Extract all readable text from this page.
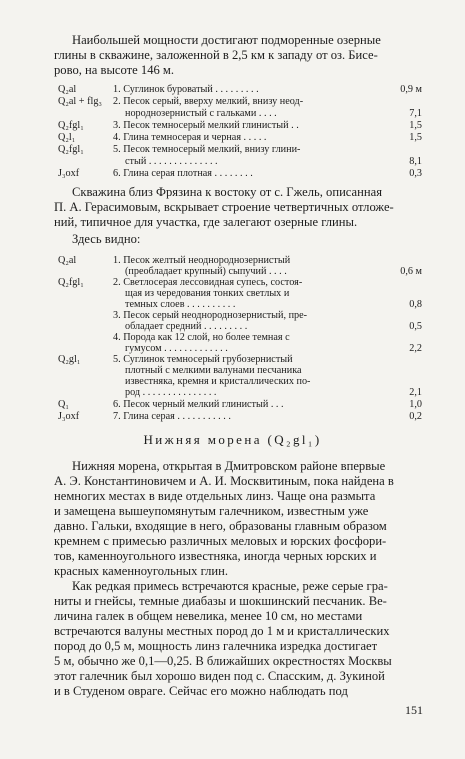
Наибольшей мощности достигают подморенные озерные
глины в скважине, заложенной в 2,5 км к западу от оз. Бисе-
рово, на высоте 146 м.

Q₂al	1. Суглинок буроватый . . . . . . . . .	0,9 м
Q₂al + flg₃ 2. Песок серый, вверху мелкий, внизу неод-
нороднозернистый с гальками . . . .	7,1
Q₂fgl₁	3. Песок темносерый мелкий глинистый . .	1,5
Q₂l₁	4. Глина темносерая и черная . . . . .	1,5
Q₂fgl₁	5. Песок темносерый мелкий, внизу глини-
стый . . . . . . . . . . . . . .	8,1
J₃oxf	6. Глина серая плотная . . . . . . . .	0,3

Скважина близ Фрязина к востоку от с. Гжель, описанная
П. А. Герасимовым, вскрывает строение четвертичных отложе-
ний, типичное для участка, где залегают озерные глины.

Здесь видно:
Q₂al	1. Песок желтый неоднороднозернистый
(преобладает крупный) сыпучий . . . .	0,6 м
Q₂fgl₁	2. Светлосерая лессовидная супесь, состоя-
щая из чередования тонких светлых и
темных слоев . . . . . . . . . .	0,8
3. Песок серый неоднороднозернистый, пре-
обладает средний . . . . . . . . .	0,5
4. Порода как 12 слой, но более темная с
гумусом . . . . . . . . . . . . .	2,2
Q₂gl₁	5. Суглинок темносерый грубозернистый
плотный с мелкими валунами песчаника
известняка, кремня и кристаллических по-
род . . . . . . . . . . . . . . .	2,1
Q₁	6. Песок черный мелкий глинистый . . .	1,0
J₃oxf	7. Глина серая . . . . . . . . . . .	0,2
Нижняя морена (Q₂gl₁)

Нижняя морена, открытая в Дмитровском районе впервые
А. Э. Константиновичем и А. И. Москвитиным, пока найдена в
немногих местах в виде отдельных линз. Чаще она размыта
и замещена вышеупомянутым галечником, известным уже
давно. Гальки, входящие в него, образованы главным образом
кремнем с примесью различных меловых и юрских фосфори-
тов, каменноугольного известняка, иногда черных юрских и
красных каменноугольных глин.

Как редкая примесь встречаются красные, реже серые гра-
ниты и гнейсы, темные диабазы и шокшинский песчаник. Ве-
личина галек в общем невелика, менее 10 см, но местами
встречаются валуны местных пород до 1 м и кристаллических
пород до 0,5 м, мощность линз галечника изредка достигает
5 м, обычно же 0,1—0,25. В ближайших окрестностях Москвы
этот галечник был хорошо виден под с. Спасским, д. Зукиной
и в Студеном овраге. Сейчас его можно наблюдать под

151
